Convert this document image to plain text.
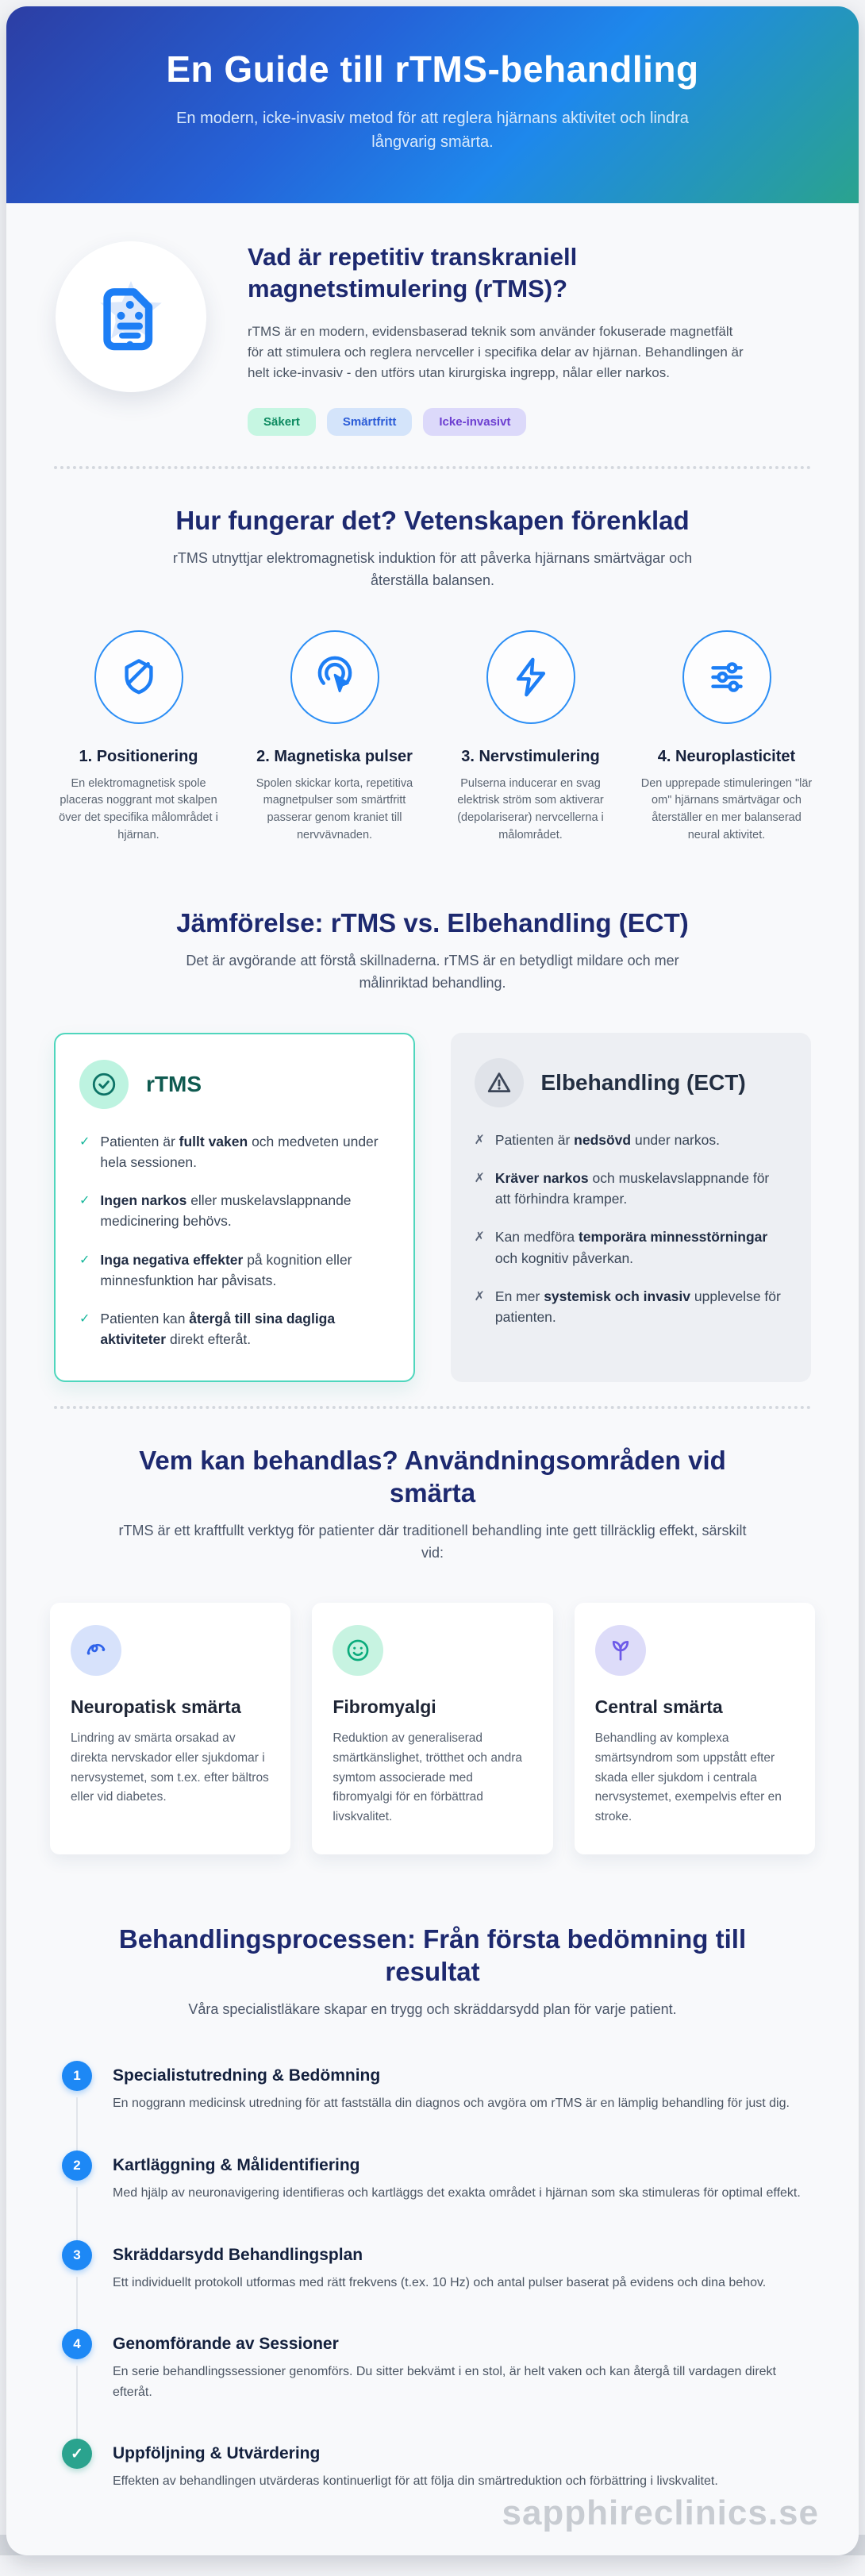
En Guide till rTMS-behandling

En modern, icke-invasiv metod för att reglera hjärnans aktivitet och lindra långvarig smärta.

Vad är repetitiv transkraniell magnetstimulering (rTMS)?

rTMS är en modern, evidensbaserad teknik som använder fokuserade magnetfält för att stimulera och reglera nervceller i specifika delar av hjärnan. Behandlingen är helt icke-invasiv - den utförs utan kirurgiska ingrepp, nålar eller narkos.

Säkert	Smärtfritt	Icke-invasivt
Hur fungerar det? Vetenskapen förenklad

rTMS utnyttjar elektromagnetisk induktion för att påverka hjärnans smärtvägar och återställa balansen.

1. Positionering

En elektromagnetisk spole placeras noggrant mot skalpen över det specifika målområdet i hjärnan.

2. Magnetiska pulser

Spolen skickar korta, repetitiva magnetpulser som smärtfritt passerar genom kraniet till nervvävnaden.

3. Nervstimulering

Pulserna inducerar en svag elektrisk ström som aktiverar (depolariserar) nervcellerna i målområdet.

4. Neuroplasticitet

Den upprepade stimuleringen "lär om" hjärnans smärtvägar och återställer en mer balanserad neural aktivitet.

Jämförelse: rTMS vs. Elbehandling (ECT)

Det är avgörande att förstå skillnaderna. rTMS är en betydligt mildare och mer målinriktad behandling.

rTMS
✓ Patienten är fullt vaken och medveten under hela sessionen.
✓ Ingen narkos eller muskelavslappnande medicinering behövs.
✓ Inga negativa effekter på kognition eller minnesfunktion har påvisats.
✓ Patienten kan återgå till sina dagliga aktiviteter direkt efteråt.
Elbehandling (ECT)
✗ Patienten är nedsövd under narkos.
✗ Kräver narkos och muskelavslappnande för att förhindra kramper.
✗ Kan medföra temporära minnesstörningar och kognitiv påverkan.
✗ En mer systemisk och invasiv upplevelse för patienten.
Vem kan behandlas? Användningsområden vid smärta

rTMS är ett kraftfullt verktyg för patienter där traditionell behandling inte gett tillräcklig effekt, särskilt vid:

Neuropatisk smärta

Lindring av smärta orsakad av direkta nervskador eller sjukdomar i nervsystemet, som t.ex. efter bältros eller vid diabetes.

Fibromyalgi

Reduktion av generaliserad smärtkänslighet, trötthet och andra symtom associerade med fibromyalgi för en förbättrad livskvalitet.

Central smärta

Behandling av komplexa smärtsyndrom som uppstått efter skada eller sjukdom i centrala nervsystemet, exempelvis efter en stroke.

Behandlingsprocessen: Från första bedömning till resultat

Våra specialistläkare skapar en trygg och skräddarsydd plan för varje patient.

1	Specialistutredning & Bedömning

En noggrann medicinsk utredning för att fastställa din diagnos och avgöra om rTMS är en lämplig behandling för just dig.

2	Kartläggning & Målidentifiering

Med hjälp av neuronavigering identifieras och kartläggs det exakta området i hjärnan som ska stimuleras för optimal effekt.

3	Skräddarsydd Behandlingsplan

Ett individuellt protokoll utformas med rätt frekvens (t.ex. 10 Hz) och antal pulser baserat på evidens och dina behov.

4	Genomförande av Sessioner

En serie behandlingssessioner genomförs. Du sitter bekvämt i en stol, är helt vaken och kan återgå till vardagen direkt efteråt.

✓	Uppföljning & Utvärdering

Effekten av behandlingen utvärderas kontinuerligt för att följa din smärtreduktion och förbättring i livskvalitet.

sapphireclinics.se
